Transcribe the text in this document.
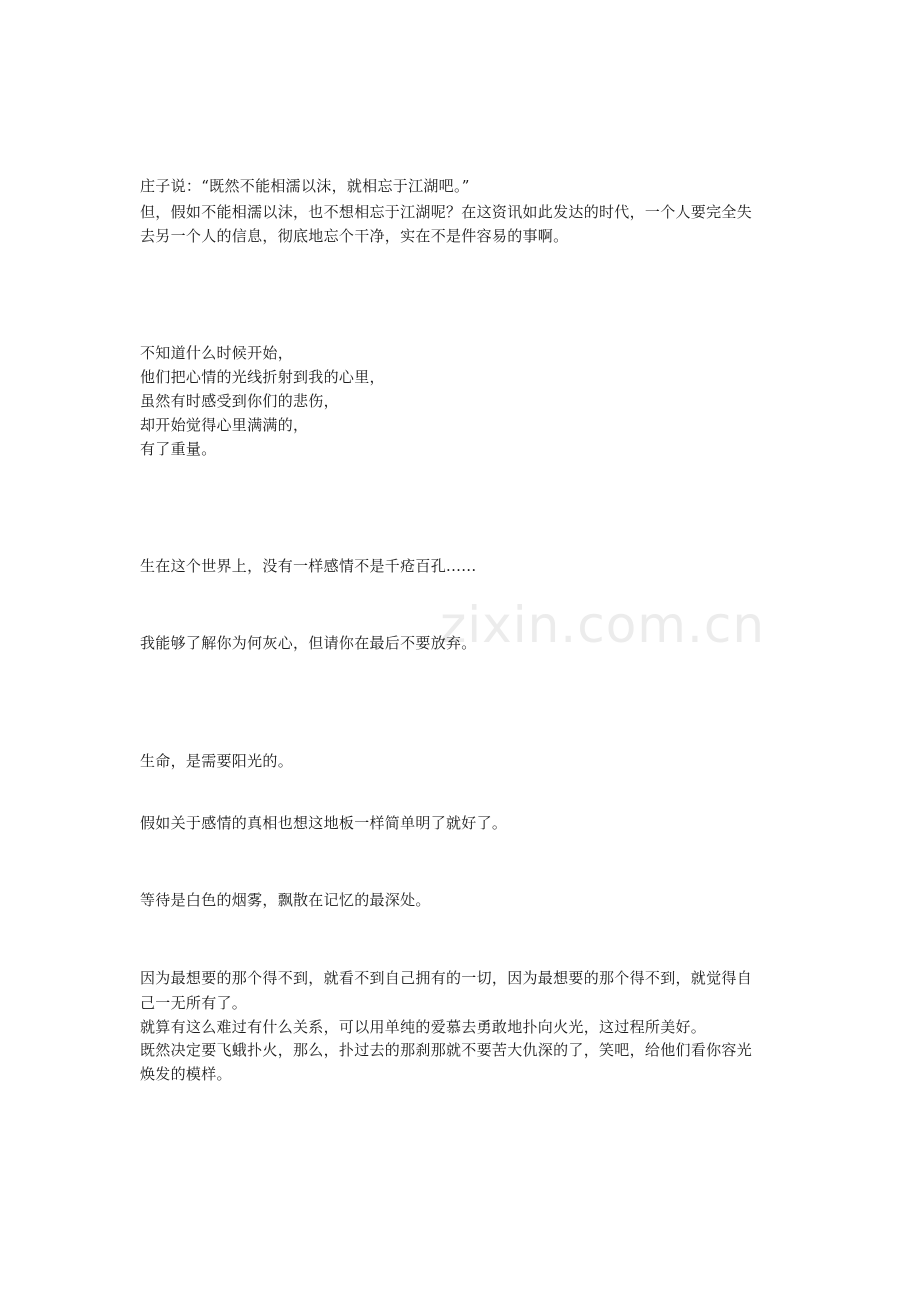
zixin.com.cn
庄子说：“既然不能相濡以沫，就相忘于江湖吧。”
但，假如不能相濡以沫，也不想相忘于江湖呢？在这资讯如此发达的时代，一个人要完全失
去另一个人的信息，彻底地忘个干净，实在不是件容易的事啊。
不知道什么时候开始，
他们把心情的光线折射到我的心里，
虽然有时感受到你们的悲伤，
却开始觉得心里满满的，
有了重量。
生在这个世界上，没有一样感情不是千疮百孔......
我能够了解你为何灰心，但请你在最后不要放弃。
生命，是需要阳光的。
假如关于感情的真相也想这地板一样简单明了就好了。
等待是白色的烟雾，飘散在记忆的最深处。
因为最想要的那个得不到，就看不到自己拥有的一切，因为最想要的那个得不到，就觉得自
己一无所有了。
就算有这么难过有什么关系，可以用单纯的爱慕去勇敢地扑向火光，这过程所美好。
既然决定要飞蛾扑火，那么，扑过去的那刹那就不要苦大仇深的了，笑吧，给他们看你容光
焕发的模样。
